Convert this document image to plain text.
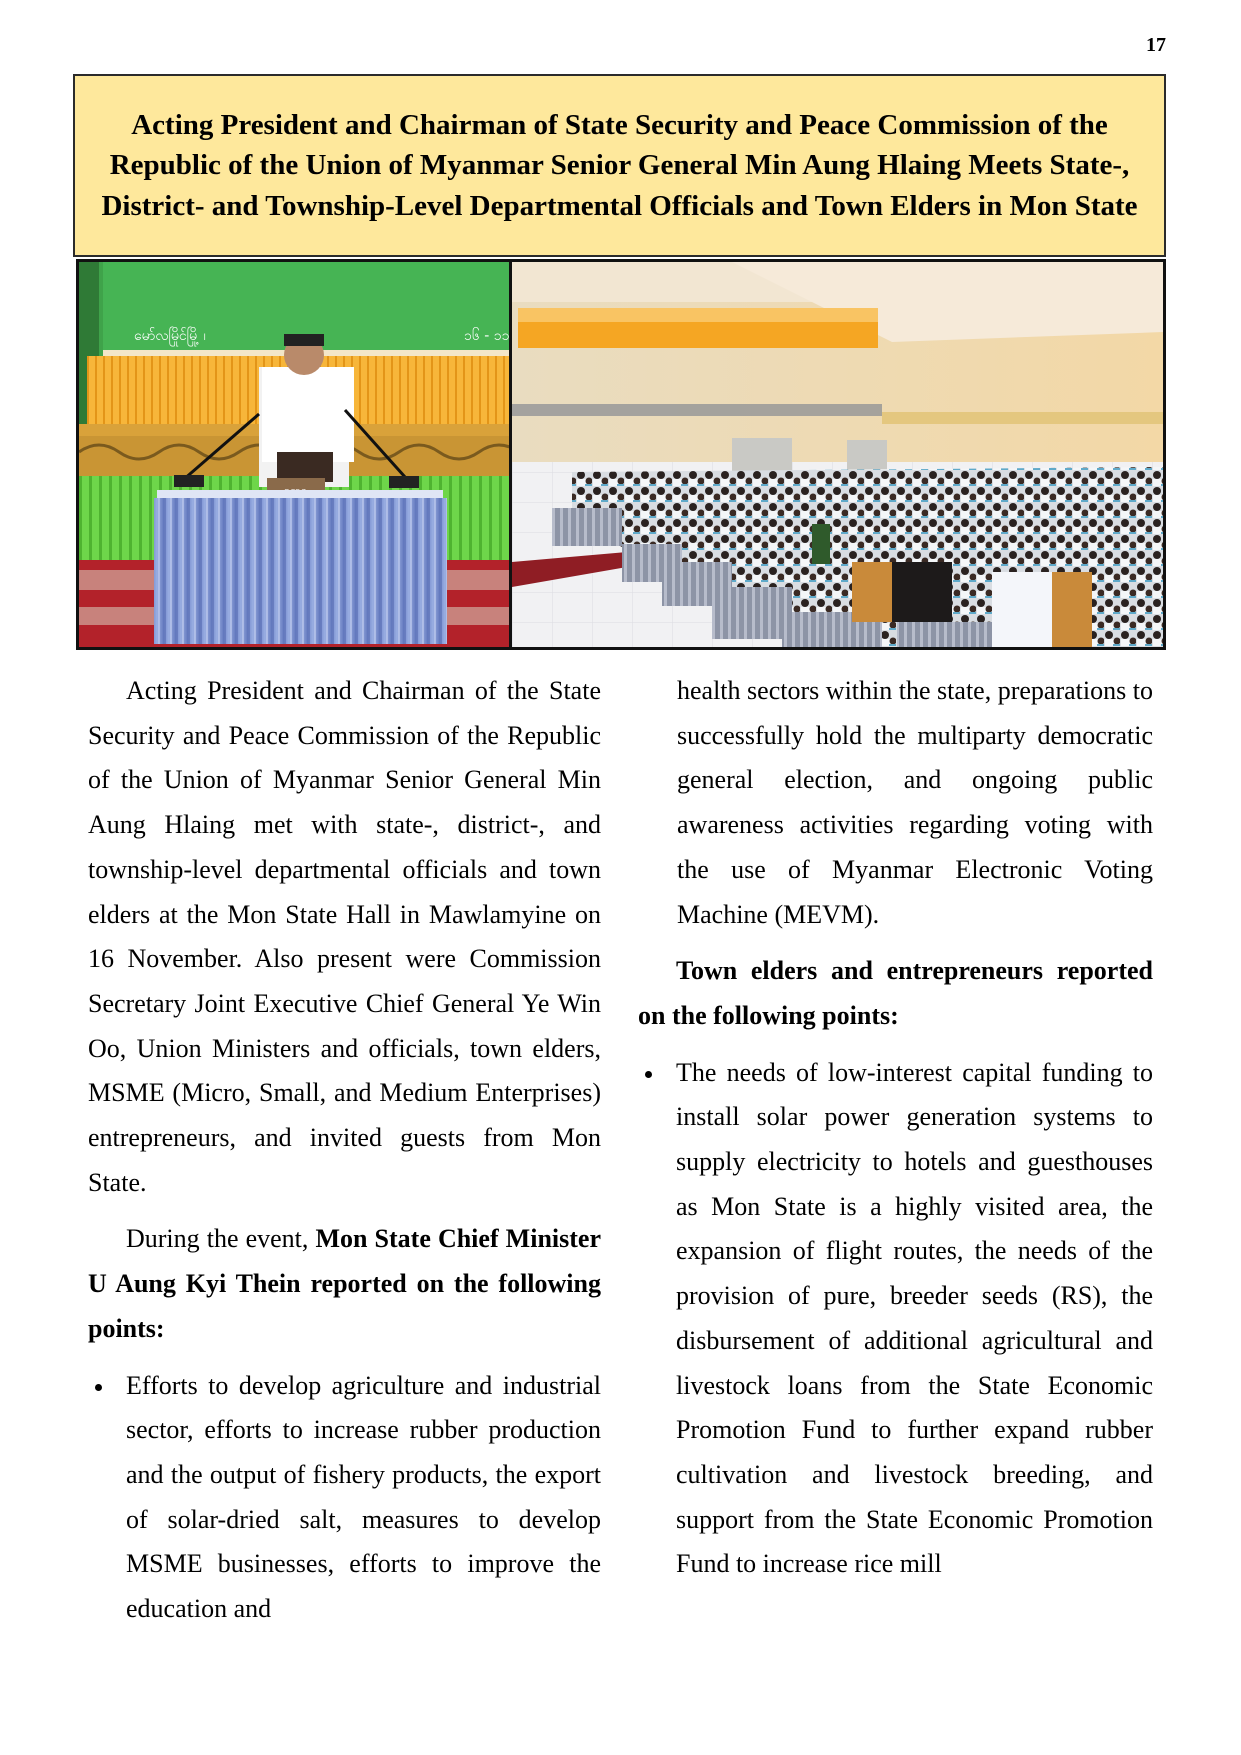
17
Acting President and Chairman of State Security and Peace Commission of the Republic of the Union of Myanmar Senior General Min Aung Hlaing Meets State-, District- and Township-Level Departmental Officials and Town Elders in Mon State
မော်လမြိုင်မြို့ ၊	၁၆ - ၁၁

Acting President and Chairman of the State Security and Peace Commission of the Republic of the Union of Myanmar Senior General Min Aung Hlaing met with state-, district-, and township-level departmental officials and town elders at the Mon State Hall in Mawlamyine on 16 November. Also present were Commission Secretary Joint Executive Chief General Ye Win Oo, Union Ministers and officials, town elders, MSME (Micro, Small, and Medium Enterprises) entrepreneurs, and invited guests from Mon State.

During the event, Mon State Chief Minister U Aung Kyi Thein reported on the following points:

Efforts to develop agriculture and industrial sector, efforts to increase rubber production and the output of fishery products, the export of solar-dried salt, measures to develop MSME businesses, efforts to improve the education and

health sectors within the state, preparations to successfully hold the multiparty democratic general election, and ongoing public awareness activities regarding voting with the use of Myanmar Electronic Voting Machine (MEVM).

Town elders and entrepreneurs reported on the following points:

The needs of low-interest capital funding to install solar power generation systems to supply electricity to hotels and guesthouses as Mon State is a highly visited area, the expansion of flight routes, the needs of the provision of pure, breeder seeds (RS), the disbursement of additional agricultural and livestock loans from the State Economic Promotion Fund to further expand rubber cultivation and livestock breeding, and support from the State Economic Promotion Fund to increase rice mill
